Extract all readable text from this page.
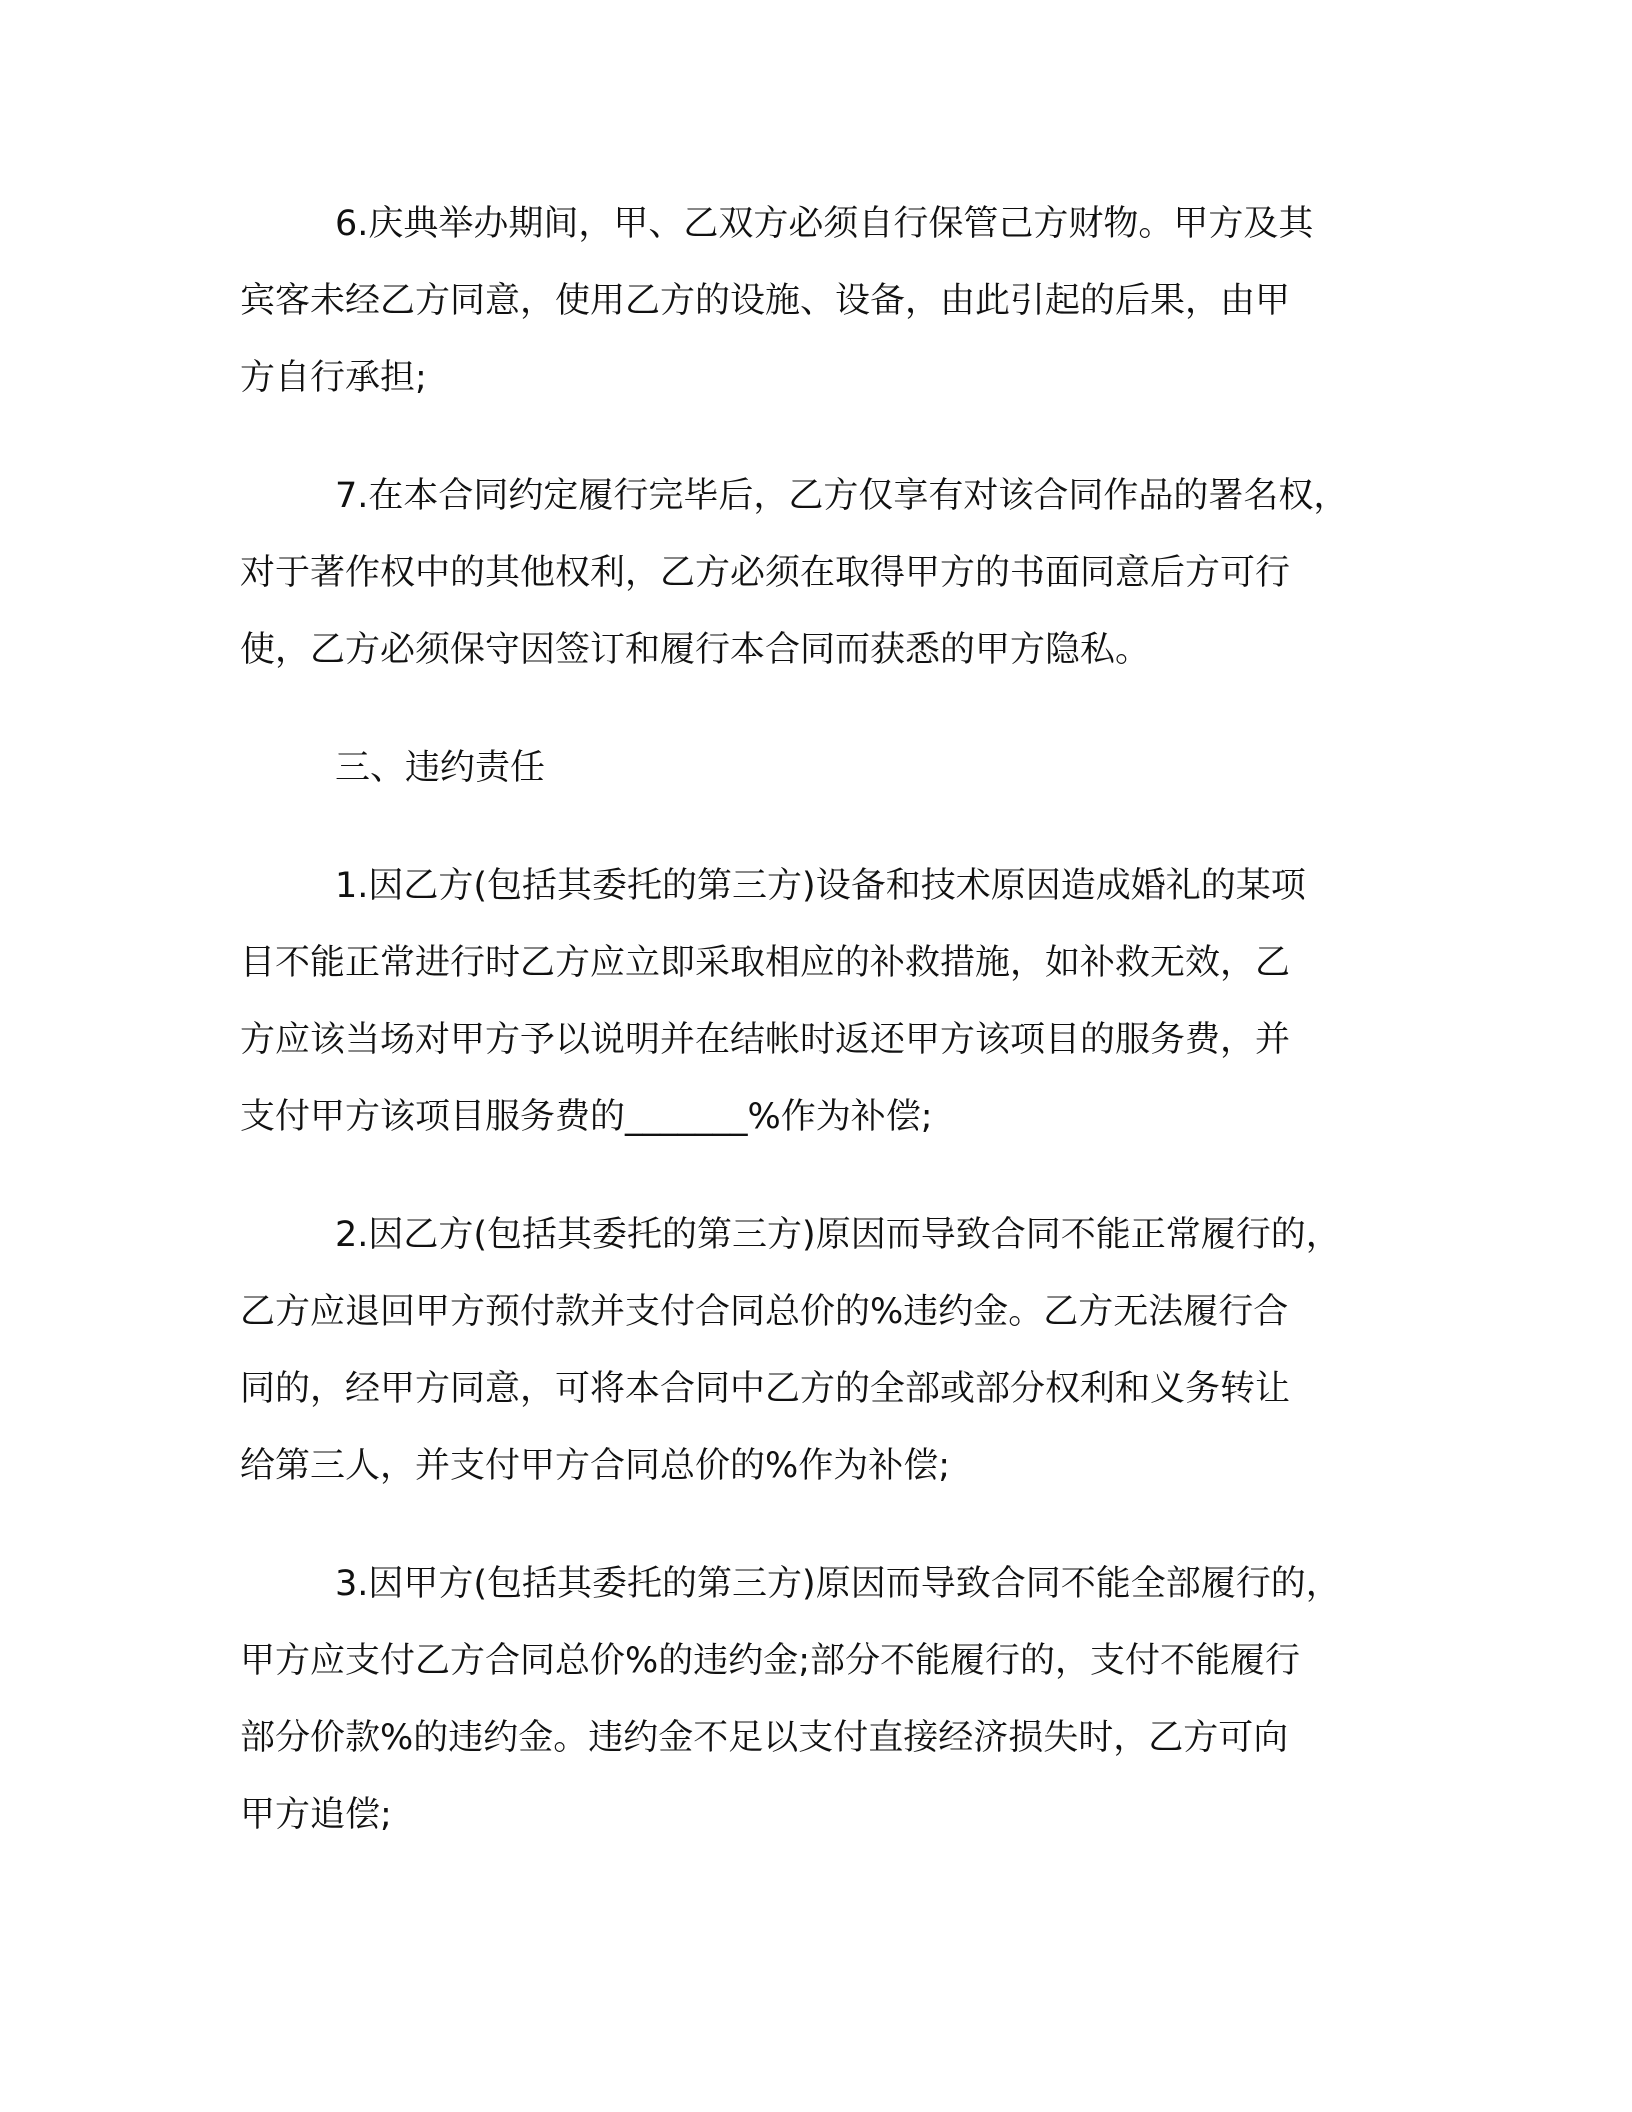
6.庆典举办期间，甲、乙双方必须自行保管己方财物。甲方及其
宾客未经乙方同意，使用乙方的设施、设备，由此引起的后果，由甲
方自行承担;

7.在本合同约定履行完毕后，乙方仅享有对该合同作品的署名权，
对于著作权中的其他权利，乙方必须在取得甲方的书面同意后方可行
使，乙方必须保守因签订和履行本合同而获悉的甲方隐私。

三、违约责任

1.因乙方(包括其委托的第三方)设备和技术原因造成婚礼的某项
目不能正常进行时乙方应立即采取相应的补救措施，如补救无效，乙
方应该当场对甲方予以说明并在结帐时返还甲方该项目的服务费，并
支付甲方该项目服务费的_______%作为补偿;

2.因乙方(包括其委托的第三方)原因而导致合同不能正常履行的，
乙方应退回甲方预付款并支付合同总价的%违约金。乙方无法履行合
同的，经甲方同意，可将本合同中乙方的全部或部分权利和义务转让
给第三人，并支付甲方合同总价的%作为补偿;

3.因甲方(包括其委托的第三方)原因而导致合同不能全部履行的，
甲方应支付乙方合同总价%的违约金;部分不能履行的，支付不能履行
部分价款%的违约金。违约金不足以支付直接经济损失时，乙方可向
甲方追偿;
